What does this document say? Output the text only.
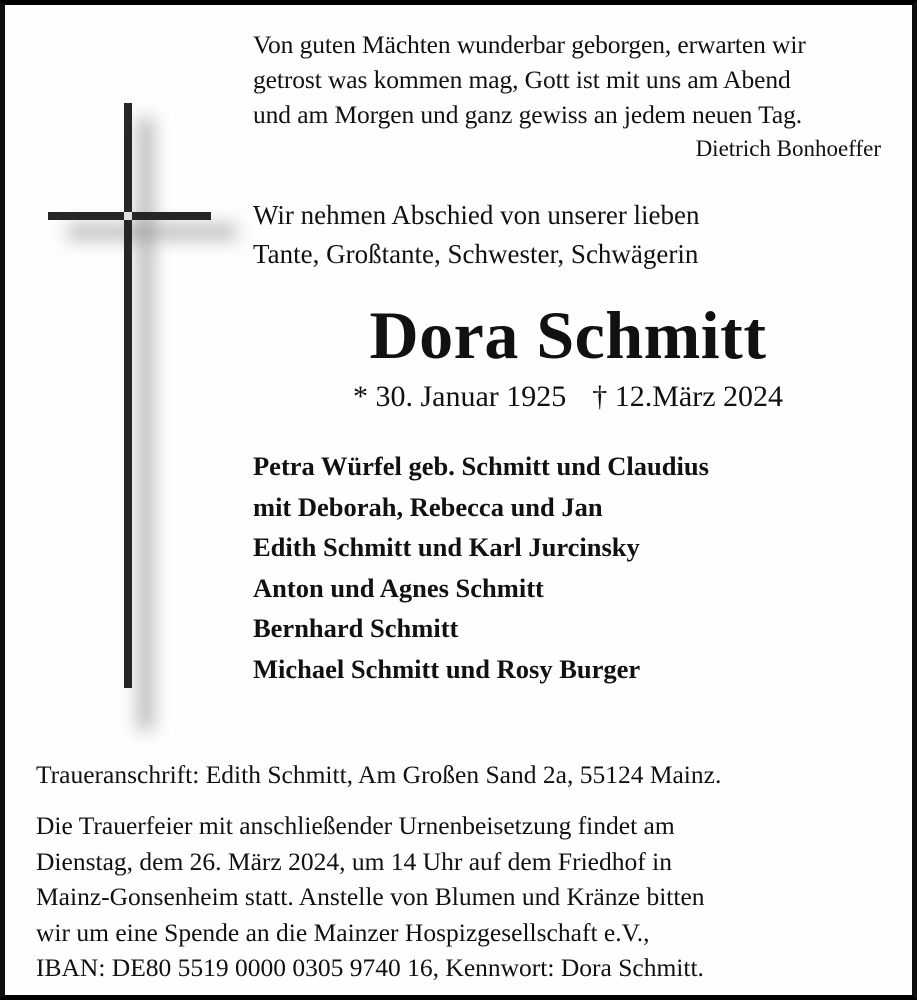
Von guten Mächten wunderbar geborgen, erwarten wir
getrost was kommen mag, Gott ist mit uns am Abend
und am Morgen und ganz gewiss an jedem neuen Tag.
Dietrich Bonhoeffer
Wir nehmen Abschied von unserer lieben
Tante, Großtante, Schwester, Schwägerin
Dora Schmitt
* 30. Januar 1925 † 12.März 2024
Petra Würfel geb. Schmitt und Claudius
mit Deborah, Rebecca und Jan
Edith Schmitt und Karl Jurcinsky
Anton und Agnes Schmitt
Bernhard Schmitt
Michael Schmitt und Rosy Burger
Traueranschrift: Edith Schmitt, Am Großen Sand 2a, 55124 Mainz.
Die Trauerfeier mit anschließender Urnenbeisetzung findet am
Dienstag, dem 26. März 2024, um 14 Uhr auf dem Friedhof in
Mainz-Gonsenheim statt. Anstelle von Blumen und Kränze bitten
wir um eine Spende an die Mainzer Hospizgesellschaft e.V.,
IBAN: DE80 5519 0000 0305 9740 16, Kennwort: Dora Schmitt.
